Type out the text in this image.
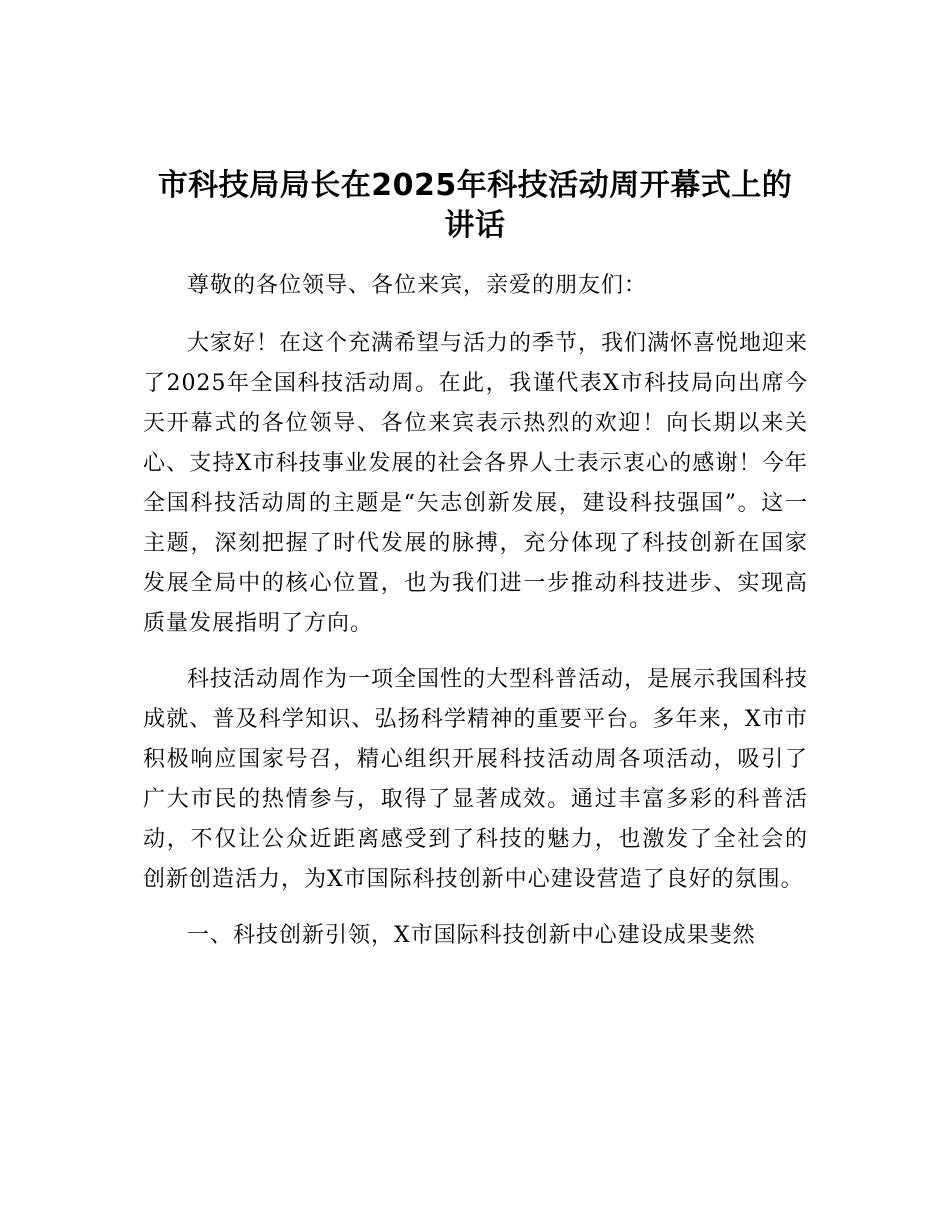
市科技局局长在2025年科技活动周开幕式上的
讲话

尊敬的各位领导、各位来宾，亲爱的朋友们：

大家好！在这个充满希望与活力的季节，我们满怀喜悦地迎来了2025年全国科技活动周。在此，我谨代表X市科技局向出席今天开幕式的各位领导、各位来宾表示热烈的欢迎！向长期以来关心、支持X市科技事业发展的社会各界人士表示衷心的感谢！今年全国科技活动周的主题是“矢志创新发展，建设科技强国”。这一主题，深刻把握了时代发展的脉搏，充分体现了科技创新在国家发展全局中的核心位置，也为我们进一步推动科技进步、实现高质量发展指明了方向。

科技活动周作为一项全国性的大型科普活动，是展示我国科技成就、普及科学知识、弘扬科学精神的重要平台。多年来，X市市积极响应国家号召，精心组织开展科技活动周各项活动，吸引了广大市民的热情参与，取得了显著成效。通过丰富多彩的科普活动，不仅让公众近距离感受到了科技的魅力，也激发了全社会的创新创造活力，为X市国际科技创新中心建设营造了良好的氛围。

一、科技创新引领，X市国际科技创新中心建设成果斐然
